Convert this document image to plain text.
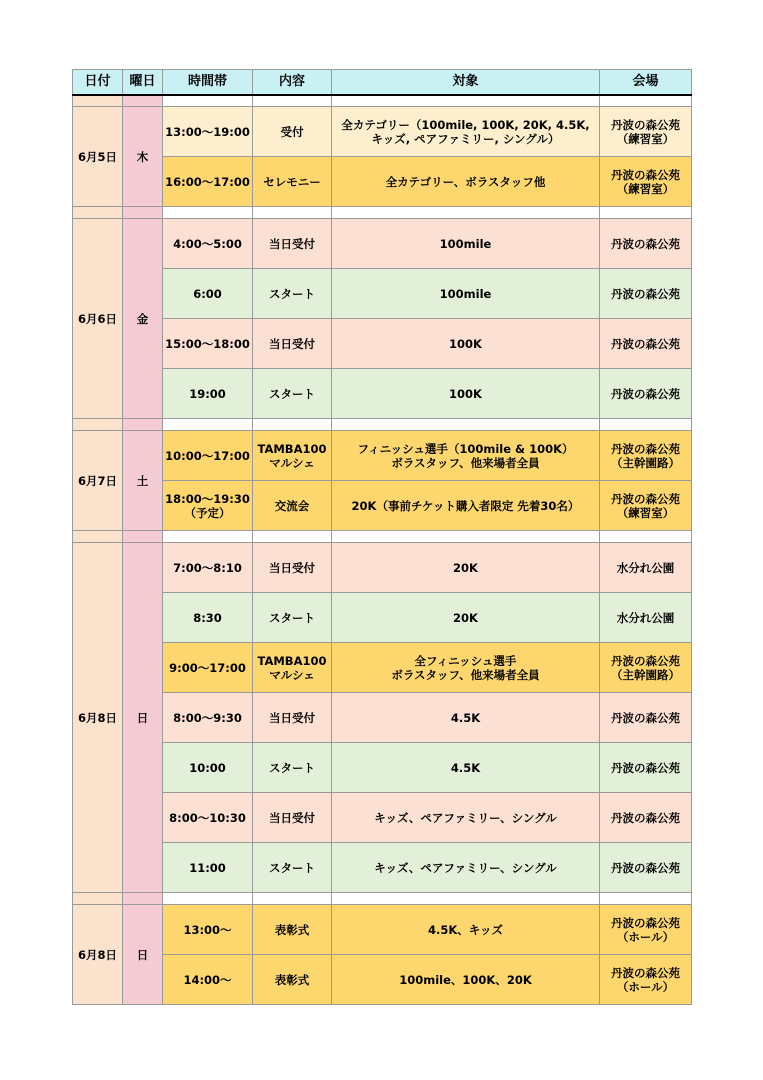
日付	曜日	時間帯	内容	対象	会場

6月5日	木	13:00～19:00	受付	全カテゴリー（100mile, 100K, 20K, 4.5K,
キッズ, ペアファミリー, シングル）	丹波の森公苑
（練習室）

		16:00～17:00	セレモニー	全カテゴリー、ボラスタッフ他	丹波の森公苑
（練習室）

6月6日	金	4:00～5:00	当日受付	100mile	丹波の森公苑

		6:00	スタート	100mile	丹波の森公苑

		15:00～18:00	当日受付	100K	丹波の森公苑

		19:00	スタート	100K	丹波の森公苑

6月7日	土	10:00～17:00	TAMBA100
マルシェ	フィニッシュ選手（100mile & 100K）
ボラスタッフ、他来場者全員	丹波の森公苑
（主幹園路）

		18:00～19:30
（予定）	交流会	20K（事前チケット購入者限定 先着30名）	丹波の森公苑
（練習室）

6月8日	日	7:00～8:10	当日受付	20K	水分れ公園

		8:30	スタート	20K	水分れ公園

		9:00～17:00	TAMBA100
マルシェ	全フィニッシュ選手
ボラスタッフ、他来場者全員	丹波の森公苑
（主幹園路）

		8:00～9:30	当日受付	4.5K	丹波の森公苑

		10:00	スタート	4.5K	丹波の森公苑

		8:00～10:30	当日受付	キッズ、ペアファミリー、シングル	丹波の森公苑

		11:00	スタート	キッズ、ペアファミリー、シングル	丹波の森公苑

6月8日	日	13:00～	表彰式	4.5K、キッズ	丹波の森公苑
（ホール）

		14:00～	表彰式	100mile、100K、20K	丹波の森公苑
（ホール）
